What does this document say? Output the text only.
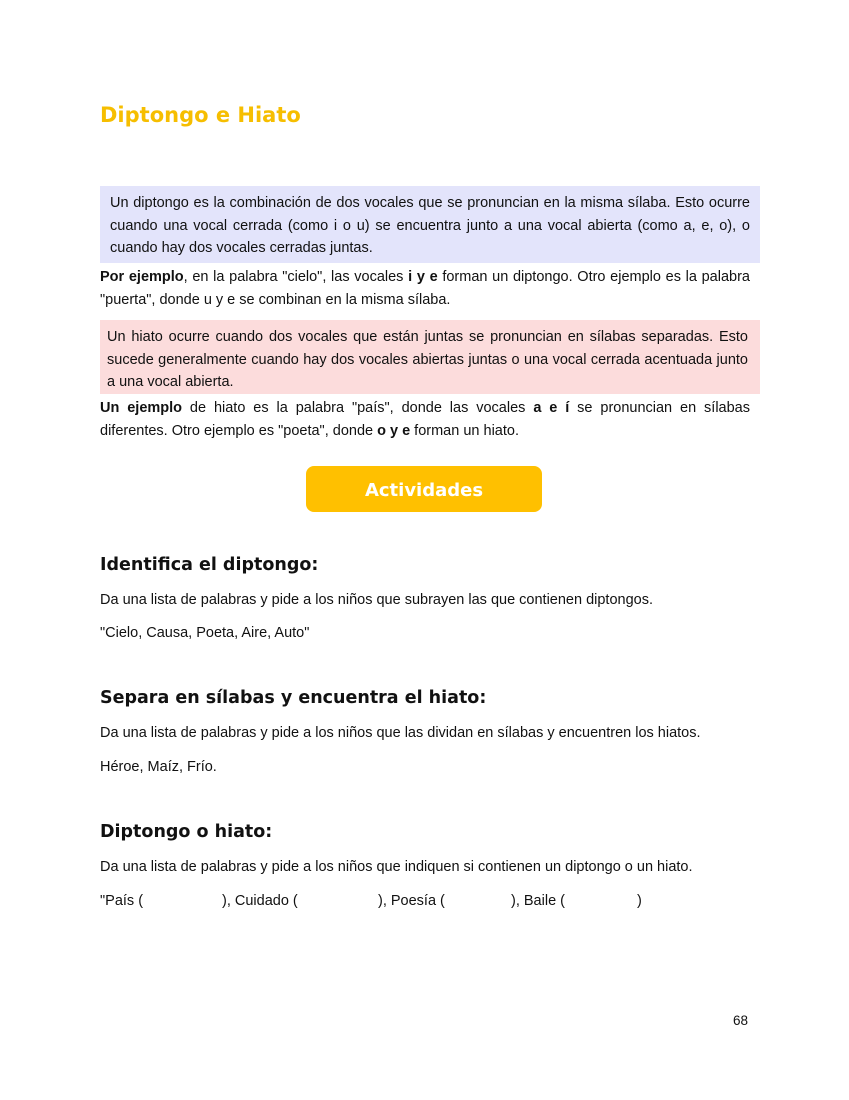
Diptongo e Hiato
Un diptongo es la combinación de dos vocales que se pronuncian en la misma sílaba. Esto ocurre cuando una vocal cerrada (como i o u) se encuentra junto a una vocal abierta (como a, e, o), o cuando hay dos vocales cerradas juntas.
Por ejemplo, en la palabra "cielo", las vocales i y e forman un diptongo. Otro ejemplo es la palabra "puerta", donde u y e se combinan en la misma sílaba.
Un hiato ocurre cuando dos vocales que están juntas se pronuncian en sílabas separadas. Esto sucede generalmente cuando hay dos vocales abiertas juntas o una vocal cerrada acentuada junto a una vocal abierta.
Un ejemplo de hiato es la palabra "país", donde las vocales a e í se pronuncian en sílabas diferentes. Otro ejemplo es "poeta", donde o y e forman un hiato.
Actividades
Identifica el diptongo:
Da una lista de palabras y pide a los niños que subrayen las que contienen diptongos.
"Cielo, Causa, Poeta, Aire, Auto"
Separa en sílabas y encuentra el hiato:
Da una lista de palabras y pide a los niños que las dividan en sílabas y encuentren los hiatos.
Héroe, Maíz, Frío.
Diptongo o hiato:
Da una lista de palabras y pide a los niños que indiquen si contienen un diptongo o un hiato.
"País (	), Cuidado (	), Poesía (	), Baile (	)
68
